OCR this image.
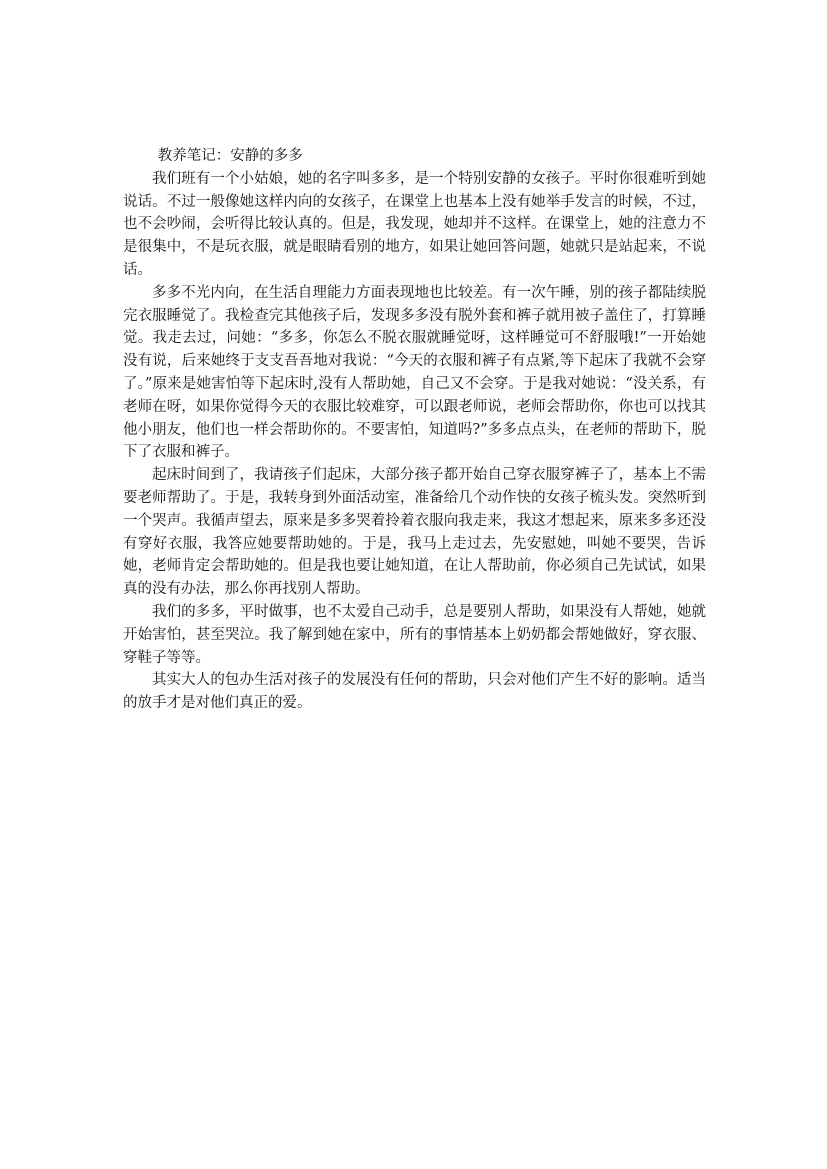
教养笔记：安静的多多

我们班有一个小姑娘，她的名字叫多多，是一个特别安静的女孩子。平时你很难听到她说话。不过一般像她这样内向的女孩子，在课堂上也基本上没有她举手发言的时候，不过，也不会吵闹，会听得比较认真的。但是，我发现，她却并不这样。在课堂上，她的注意力不是很集中，不是玩衣服，就是眼睛看别的地方，如果让她回答问题，她就只是站起来，不说话。

多多不光内向，在生活自理能力方面表现地也比较差。有一次午睡，别的孩子都陆续脱完衣服睡觉了。我检查完其他孩子后，发现多多没有脱外套和裤子就用被子盖住了，打算睡觉。我走去过，问她：“多多，你怎么不脱衣服就睡觉呀，这样睡觉可不舒服哦!”一开始她没有说，后来她终于支支吾吾地对我说：“今天的衣服和裤子有点紧,等下起床了我就不会穿了。”原来是她害怕等下起床时,没有人帮助她，自己又不会穿。于是我对她说：“没关系，有老师在呀，如果你觉得今天的衣服比较难穿，可以跟老师说，老师会帮助你，你也可以找其他小朋友，他们也一样会帮助你的。不要害怕，知道吗?”多多点点头，在老师的帮助下，脱下了衣服和裤子。

起床时间到了，我请孩子们起床，大部分孩子都开始自己穿衣服穿裤子了，基本上不需要老师帮助了。于是，我转身到外面活动室，准备给几个动作快的女孩子梳头发。突然听到一个哭声。我循声望去，原来是多多哭着拎着衣服向我走来，我这才想起来，原来多多还没有穿好衣服，我答应她要帮助她的。于是，我马上走过去，先安慰她，叫她不要哭，告诉她，老师肯定会帮助她的。但是我也要让她知道，在让人帮助前，你必须自己先试试，如果真的没有办法，那么你再找别人帮助。

我们的多多，平时做事，也不太爱自己动手，总是要别人帮助，如果没有人帮她，她就开始害怕，甚至哭泣。我了解到她在家中，所有的事情基本上奶奶都会帮她做好，穿衣服、穿鞋子等等。

其实大人的包办生活对孩子的发展没有任何的帮助，只会对他们产生不好的影响。适当的放手才是对他们真正的爱。
